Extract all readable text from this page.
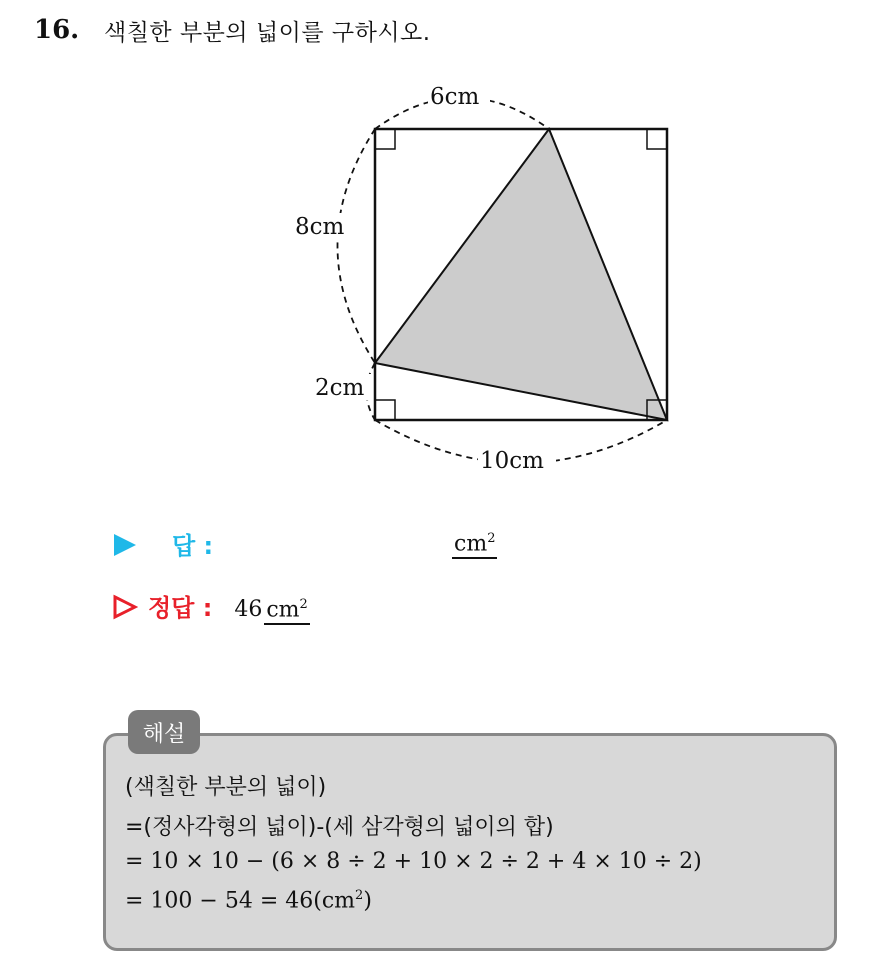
16.	색칠한 부분의 넓이를 구하시오.
6cm
8cm
2cm
10cm
답 :	$cm^2$
정답 : 46 $cm^2$
해설
(색칠한 부분의 넓이)
=(정사각형의 넓이)-(세 삼각형의 넓이의 합)
= 10 × 10 − (6 × 8 ÷ 2 + 10 × 2 ÷ 2 + 4 × 10 ÷ 2)
= $100 - 54 = 46(cm^2)$
